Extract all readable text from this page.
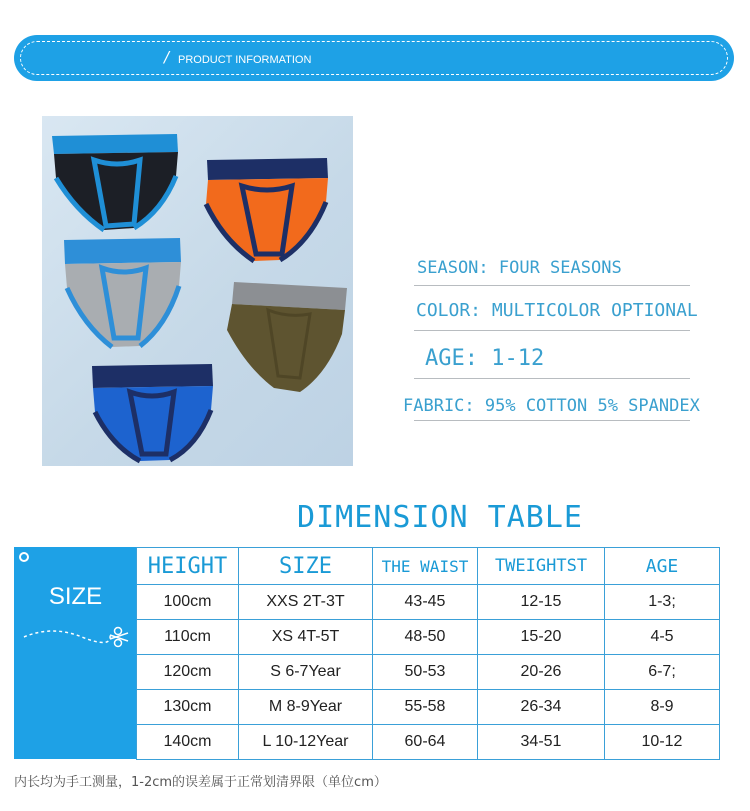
/ PRODUCT INFORMATION
SEASON: FOUR SEASONS
COLOR: MULTICOLOR OPTIONAL
AGE: 1-12
FABRIC: 95% COTTON 5% SPANDEX
DIMENSION TABLE
SIZE
HEIGHT	SIZE	THE WAIST	TWEIGHTST	AGE
100cm	XXS 2T-3T	43-45	12-15	1-3;
110cm	XS 4T-5T	48-50	15-20	4-5
120cm	S 6-7Year	50-53	20-26	6-7;
130cm	M 8-9Year	55-58	26-34	8-9
140cm	L 10-12Year	60-64	34-51	10-12
内长均为手工测量，1-2cm的误差属于正常划清界限（单位cm）
